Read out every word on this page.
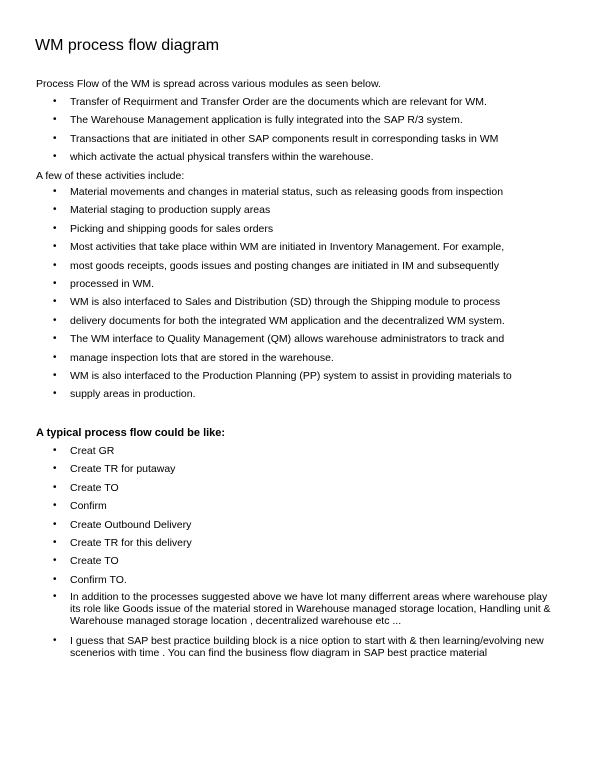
WM process flow diagram
Process Flow of the WM is spread across various modules as seen below.
• Transfer of Requirment and Transfer Order are the documents which are relevant for WM.
• The Warehouse Management application is fully integrated into the SAP R/3 system.
• Transactions that are initiated in other SAP components result in corresponding tasks in WM
• which activate the actual physical transfers within the warehouse.
A few of these activities include:
• Material movements and changes in material status, such as releasing goods from inspection
• Material staging to production supply areas
• Picking and shipping goods for sales orders
• Most activities that take place within WM are initiated in Inventory Management. For example,
• most goods receipts, goods issues and posting changes are initiated in IM and subsequently
• processed in WM.
• WM is also interfaced to Sales and Distribution (SD) through the Shipping module to process
• delivery documents for both the integrated WM application and the decentralized WM system.
• The WM interface to Quality Management (QM) allows warehouse administrators to track and
• manage inspection lots that are stored in the warehouse.
• WM is also interfaced to the Production Planning (PP) system to assist in providing materials to
• supply areas in production.
A typical process flow could be like:
• Creat GR
• Create TR for putaway
• Create TO
• Confirm
• Create Outbound Delivery
• Create TR for this delivery
• Create TO
• Confirm TO.
• In addition to the processes suggested above we have lot many differrent areas where warehouse play its role like Goods issue of the material stored in Warehouse managed storage location, Handling unit & Warehouse managed storage location , decentralized warehouse etc ...
• I guess that SAP best practice building block is a nice option to start with & then learning/evolving new scenerios with time . You can find the business flow diagram in SAP best practice material
